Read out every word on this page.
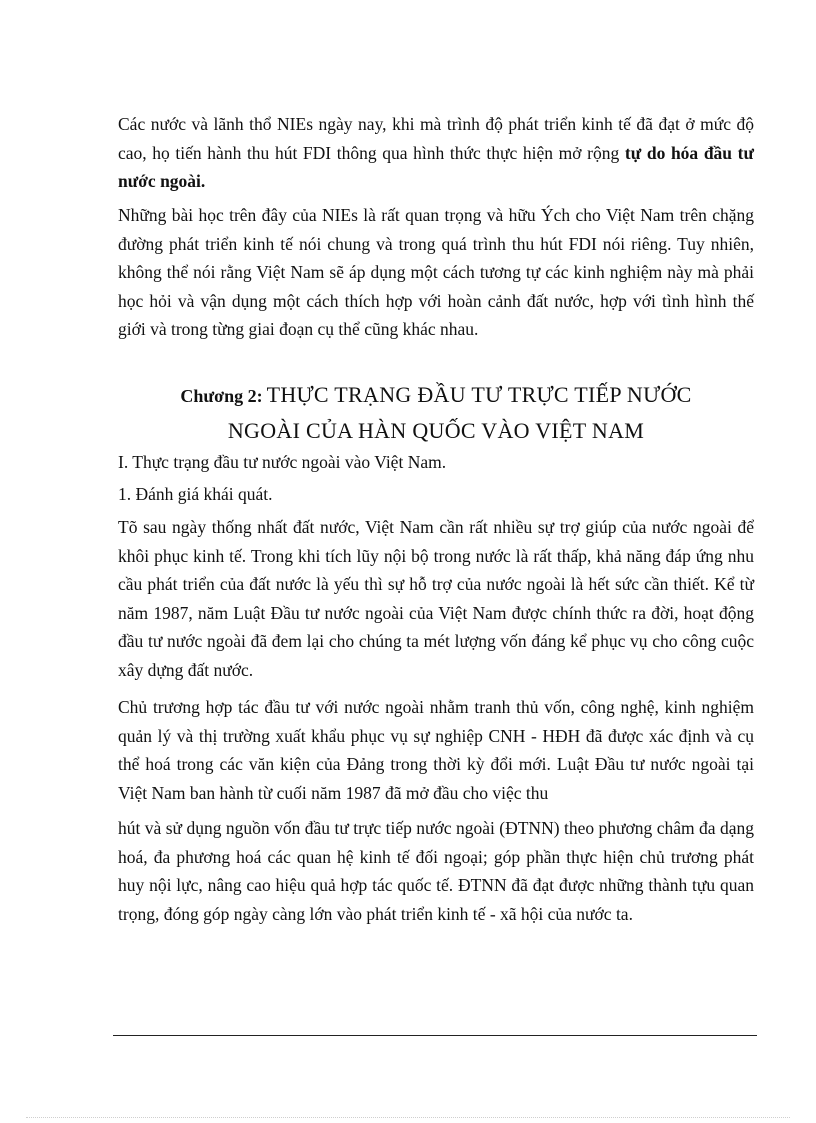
Các nước và lãnh thổ NIEs ngày nay, khi mà trình độ phát triển kinh tế đã đạt ở mức độ cao, họ tiến hành thu hút FDI thông qua hình thức thực hiện mở rộng tự do hóa đầu tư nước ngoài.

Những bài học trên đây của NIEs là rất quan trọng và hữu Ých cho Việt Nam trên chặng đường phát triển kinh tế nói chung và trong quá trình thu hút FDI nói riêng. Tuy nhiên, không thể nói rằng Việt Nam sẽ áp dụng một cách tương tự các kinh nghiệm này mà phải học hỏi và vận dụng một cách thích hợp với hoàn cảnh đất nước, hợp với tình hình thế giới và trong từng giai đoạn cụ thể cũng khác nhau.

Chương 2: THỰC TRẠNG ĐẦU TƯ TRỰC TIẾP NƯỚC
NGOÀI CỦA HÀN QUỐC VÀO VIỆT NAM

I. Thực trạng đầu tư nước ngoài vào Việt Nam.

1. Đánh giá khái quát.

Tõ sau ngày thống nhất đất nước, Việt Nam cần rất nhiều sự trợ giúp của nước ngoài để khôi phục kinh tế. Trong khi tích lũy nội bộ trong nước là rất thấp, khả năng đáp ứng nhu cầu phát triển của đất nước là yếu thì sự hỗ trợ của nước ngoài là hết sức cần thiết. Kể từ năm 1987, năm Luật Đầu tư nước ngoài của Việt Nam được chính thức ra đời, hoạt động đầu tư nước ngoài đã đem lại cho chúng ta mét lượng vốn đáng kể phục vụ cho công cuộc xây dựng đất nước.

Chủ trương hợp tác đầu tư với nước ngoài nhằm tranh thủ vốn, công nghệ, kinh nghiệm quản lý và thị trường xuất khẩu phục vụ sự nghiệp CNH - HĐH đã được xác định và cụ thể hoá trong các văn kiện của Đảng trong thời kỳ đổi mới. Luật Đầu tư nước ngoài tại Việt Nam ban hành từ cuối năm 1987 đã mở đầu cho việc thu

hút và sử dụng nguồn vốn đầu tư trực tiếp nước ngoài (ĐTNN) theo phương châm đa dạng hoá, đa phương hoá các quan hệ kinh tế đối ngoại; góp phần thực hiện chủ trương phát huy nội lực, nâng cao hiệu quả hợp tác quốc tế. ĐTNN đã đạt được những thành tựu quan trọng, đóng góp ngày càng lớn vào phát triển kinh tế - xã hội của nước ta.
